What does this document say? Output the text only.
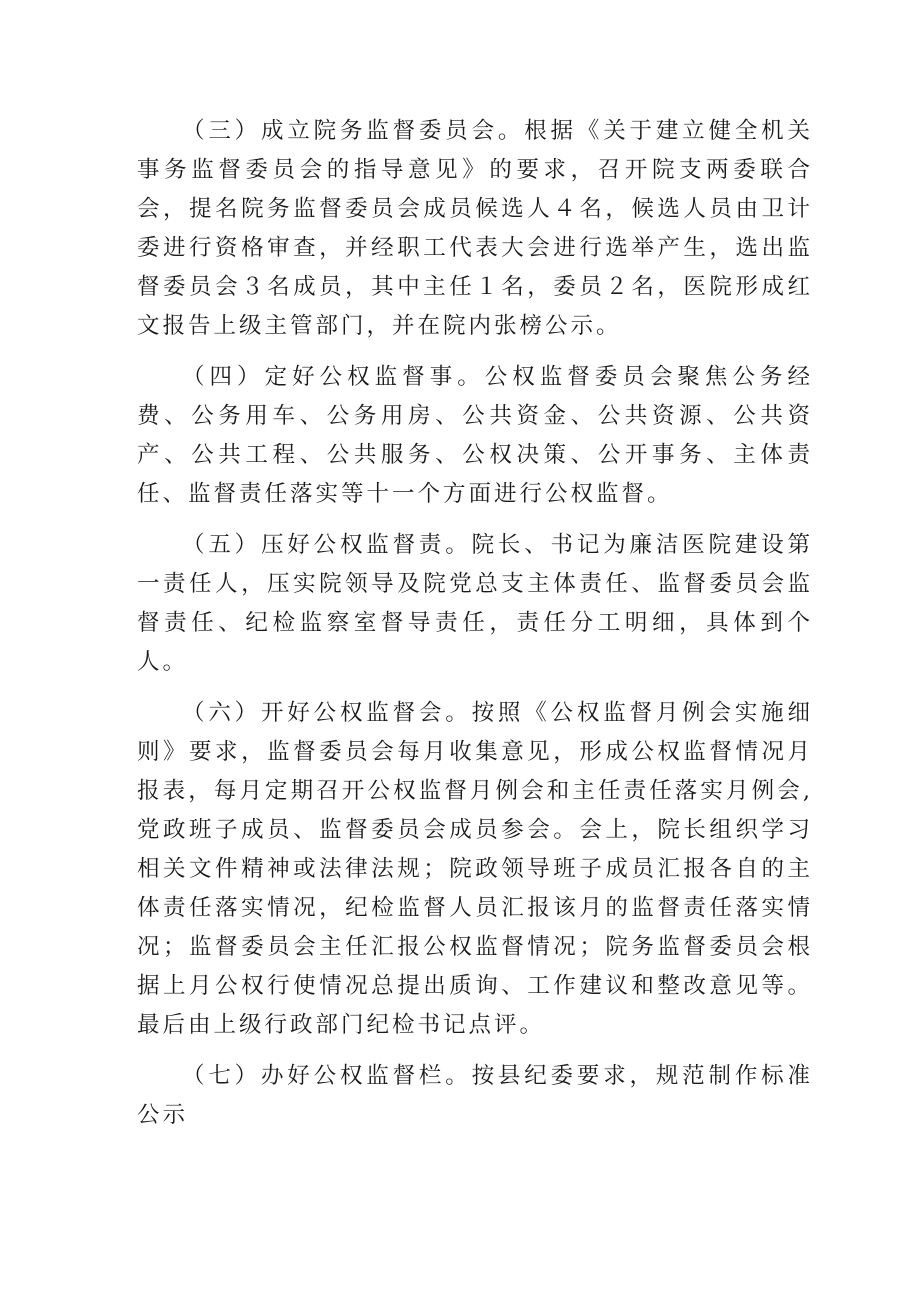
（三）成立院务监督委员会。根据《关于建立健全机关事务监督委员会的指导意见》的要求，召开院支两委联合会，提名院务监督委员会成员候选人４名，候选人员由卫计委进行资格审查，并经职工代表大会进行选举产生，选出监督委员会３名成员，其中主任１名，委员２名，医院形成红文报告上级主管部门，并在院内张榜公示。

（四）定好公权监督事。公权监督委员会聚焦公务经费、公务用车、公务用房、公共资金、公共资源、公共资产、公共工程、公共服务、公权决策、公开事务、主体责任、监督责任落实等十一个方面进行公权监督。

（五）压好公权监督责。院长、书记为廉洁医院建设第一责任人，压实院领导及院党总支主体责任、监督委员会监督责任、纪检监察室督导责任，责任分工明细，具体到个人。

（六）开好公权监督会。按照《公权监督月例会实施细则》要求，监督委员会每月收集意见，形成公权监督情况月报表，每月定期召开公权监督月例会和主任责任落实月例会,党政班子成员、监督委员会成员参会。会上，院长组织学习相关文件精神或法律法规；院政领导班子成员汇报各自的主体责任落实情况，纪检监督人员汇报该月的监督责任落实情况；监督委员会主任汇报公权监督情况；院务监督委员会根据上月公权行使情况总提出质询、工作建议和整改意见等。最后由上级行政部门纪检书记点评。

（七）办好公权监督栏。按县纪委要求，规范制作标准公示
